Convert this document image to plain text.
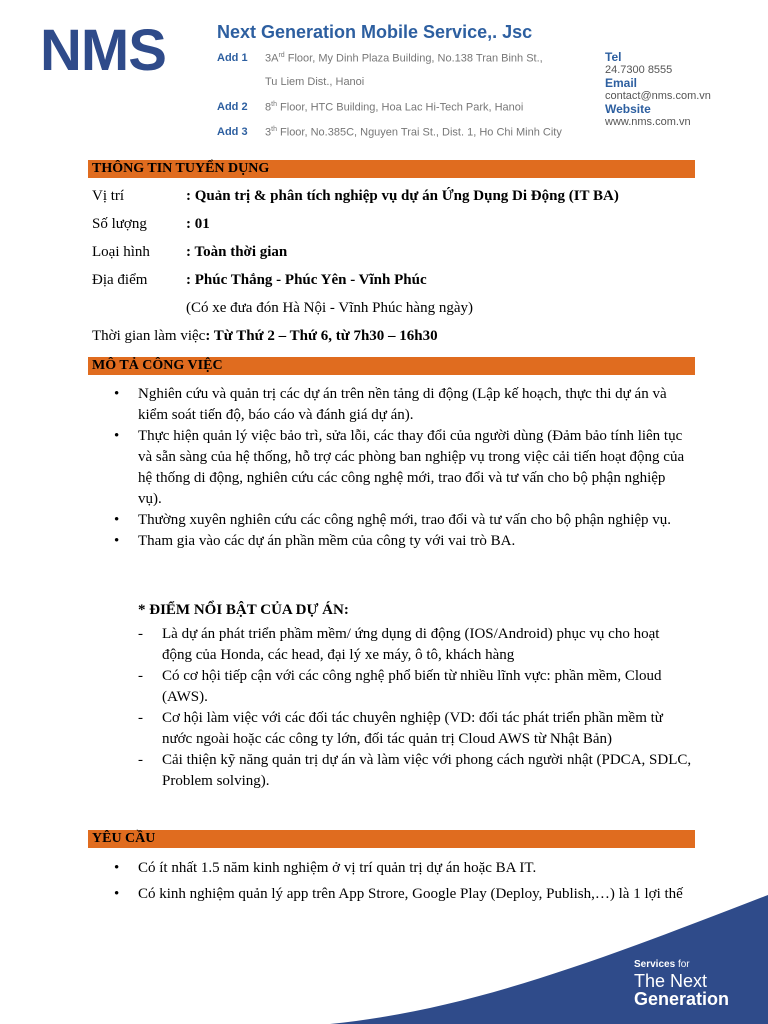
NMS	Next Generation Mobile Service,. Jsc
Add 1	$3A^{rd}$ Floor, My Dinh Plaza Building, No.138 Tran Binh St.,
Tu Liem Dist., Hanoi
Add 2	8th Floor, HTC Building, Hoa Lac Hi-Tech Park, Hanoi
Add 3	3th Floor, No.385C, Nguyen Trai St., Dist. 1, Ho Chi Minh City
Tel
24.7300 8555
Email
contact@nms.com.vn
Website
www.nms.com.vn
THÔNG TIN TUYỂN DỤNG
Vị trí	: Quản trị & phân tích nghiệp vụ dự án Ứng Dụng Di Động (IT BA)
Số lượng	: 01
Loại hình : Toàn thời gian
Địa điểm	: Phúc Thắng - Phúc Yên - Vĩnh Phúc
(Có xe đưa đón Hà Nội - Vĩnh Phúc hàng ngày)
Thời gian làm việc: Từ Thứ 2 – Thứ 6, từ 7h30 – 16h30
MÔ TẢ CÔNG VIỆC
• Nghiên cứu và quản trị các dự án trên nền tảng di động (Lập kế hoạch, thực thi dự án và kiểm soát tiến độ, báo cáo và đánh giá dự án).
• Thực hiện quản lý việc bảo trì, sửa lỗi, các thay đổi của người dùng (Đảm bảo tính liên tục và sẵn sàng của hệ thống, hỗ trợ các phòng ban nghiệp vụ trong việc cải tiến hoạt động của hệ thống di động, nghiên cứu các công nghệ mới, trao đổi và tư vấn cho bộ phận nghiệp vụ).
• Thường xuyên nghiên cứu các công nghệ mới, trao đổi và tư vấn cho bộ phận nghiệp vụ.
• Tham gia vào các dự án phần mềm của công ty với vai trò BA.
* ĐIỂM NỔI BẬT CỦA DỰ ÁN:
- Là dự án phát triển phầm mềm/ ứng dụng di động (IOS/Android) phục vụ cho hoạt động của Honda, các head, đại lý xe máy, ô tô, khách hàng
- Có cơ hội tiếp cận với các công nghệ phổ biến từ nhiều lĩnh vực: phần mềm, Cloud (AWS).
- Cơ hội làm việc với các đối tác chuyên nghiệp (VD: đối tác phát triển phần mềm từ nước ngoài hoặc các công ty lớn, đối tác quản trị Cloud AWS từ Nhật Bản)
- Cải thiện kỹ năng quản trị dự án và làm việc với phong cách người nhật (PDCA, SDLC, Problem solving).
YÊU CẦU
• Có ít nhất 1.5 năm kinh nghiệm ở vị trí quản trị dự án hoặc BA IT.
• Có kinh nghiệm quản lý app trên App Strore, Google Play (Deploy, Publish,…) là 1 lợi thế
Services for
The Next
Generation
